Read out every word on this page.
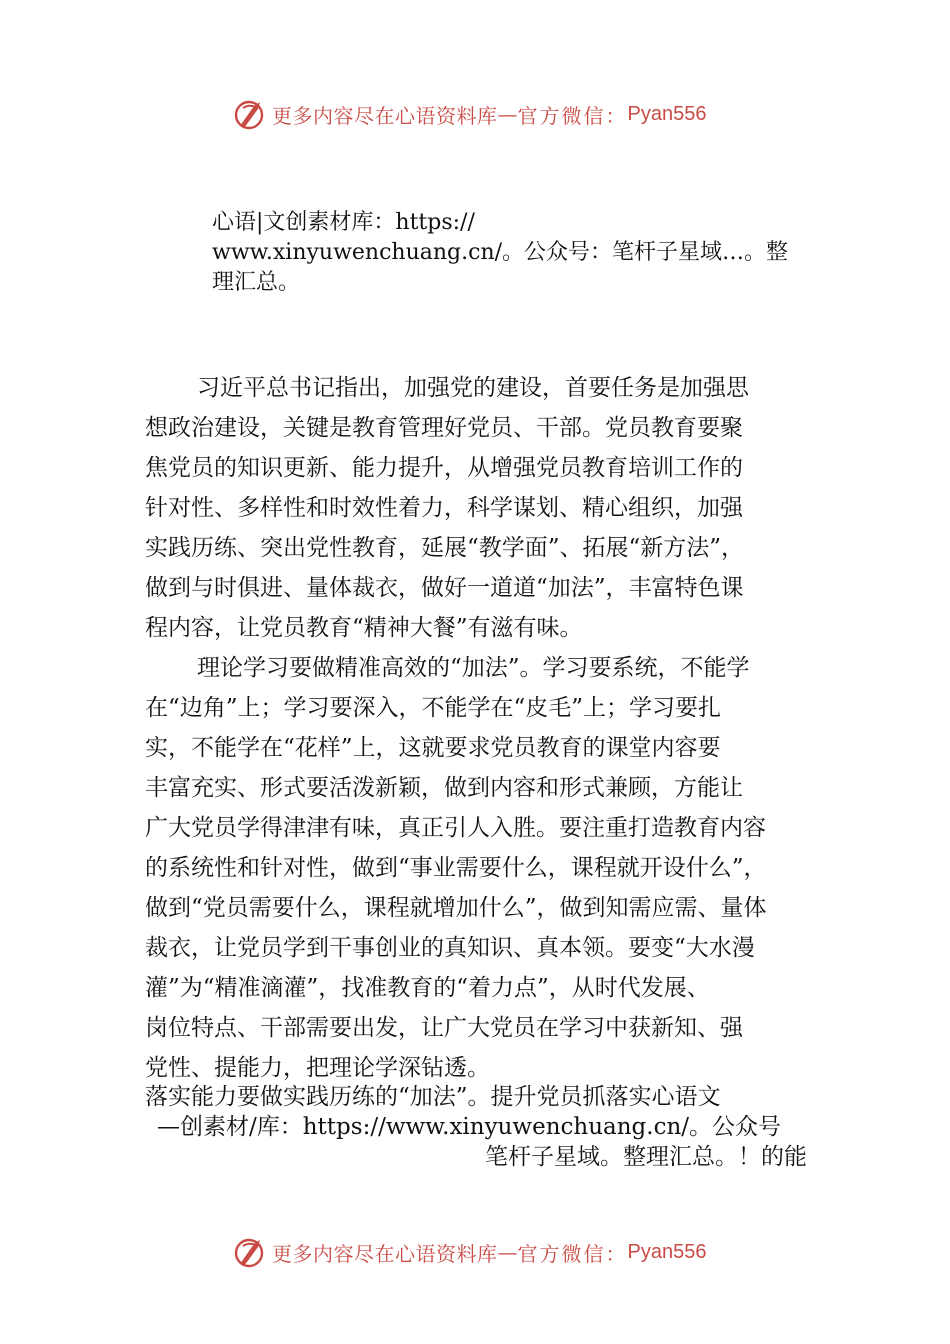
更多内容尽在心语资料库 — 官方微信： Pyan556
心语|文创素材库：https://
www.xinyuwenchuang.cn/。公众号：笔杆子星域…。整
理汇总。
习近平总书记指出，加强党的建设，首要任务是加强思
想政治建设，关键是教育管理好党员、干部。党员教育要聚
焦党员的知识更新、能力提升，从增强党员教育培训工作的
针对性、多样性和时效性着力，科学谋划、精心组织，加强
实践历练、突出党性教育，延展“教学面”、拓展“新方法”，
做到与时俱进、量体裁衣，做好一道道“加法”，丰富特色课
程内容，让党员教育“精神大餐”有滋有味。
理论学习要做精准高效的“加法”。学习要系统，不能学
在“边角”上；学习要深入，不能学在“皮毛”上；学习要扎
实，不能学在“花样”上，这就要求党员教育的课堂内容要
丰富充实、形式要活泼新颖，做到内容和形式兼顾，方能让
广大党员学得津津有味，真正引人入胜。要注重打造教育内容
的系统性和针对性，做到“事业需要什么，课程就开设什么”，
做到“党员需要什么，课程就增加什么”，做到知需应需、量体
裁衣，让党员学到干事创业的真知识、真本领。要变“大水漫
灌”为“精准滴灌”，找准教育的“着力点”，从时代发展、
岗位特点、干部需要出发，让广大党员在学习中获新知、强
党性、提能力，把理论学深钻透。
落实能力要做实践历练的“加法”。提升党员抓落实心语文
—创素材/库：https://www.xinyuwenchuang.cn/。公众号
笔杆子星域。整理汇总。！的能
更多内容尽在心语资料库 — 官方微信： Pyan556
